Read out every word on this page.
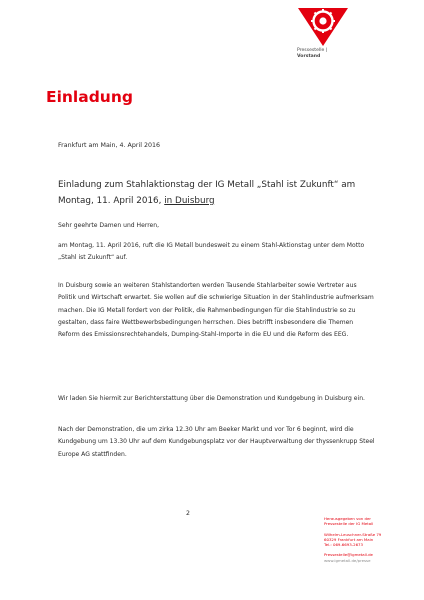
Pressestelle |
Vorstand
Einladung
Frankfurt am Main, 4. April 2016

Einladung zum Stahlaktionstag der IG Metall „Stahl ist Zukunft“ am Montag, 11. April 2016, in Duisburg

Sehr geehrte Damen und Herren,

am Montag, 11. April 2016, ruft die IG Metall bundesweit zu einem Stahl-Aktionstag unter dem Motto „Stahl ist Zukunft“ auf.

In Duisburg sowie an weiteren Stahlstandorten werden Tausende Stahlarbeiter sowie Vertreter aus Politik und Wirtschaft erwartet. Sie wollen auf die schwierige Situation in der Stahlindustrie aufmerksam machen. Die IG Metall fordert von der Politik, die Rahmenbedingungen für die Stahlindustrie so zu gestalten, dass faire Wettbewerbsbedingungen herrschen. Dies betrifft insbesondere die Themen Reform des Emissionsrechtehandels, Dumping-Stahl-Importe in die EU und die Reform des EEG.

Wir laden Sie hiermit zur Berichterstattung über die Demonstration und Kundgebung in Duisburg ein.

Nach der Demonstration, die um zirka 12.30 Uhr am Beeker Markt und vor Tor 6 beginnt, wird die Kundgebung um 13.30 Uhr auf dem Kundgebungsplatz vor der Hauptverwaltung der thyssenkrupp Steel Europe AG stattfinden.

2
Herausgegeben von der
Pressestelle der IG Metall
Wilhelm-Leuschner-Straße 79
60329 Frankfurt am Main
Tel.: 069-6693-2673
Pressestelle@igmetall.de
www.igmetall.de/presse
